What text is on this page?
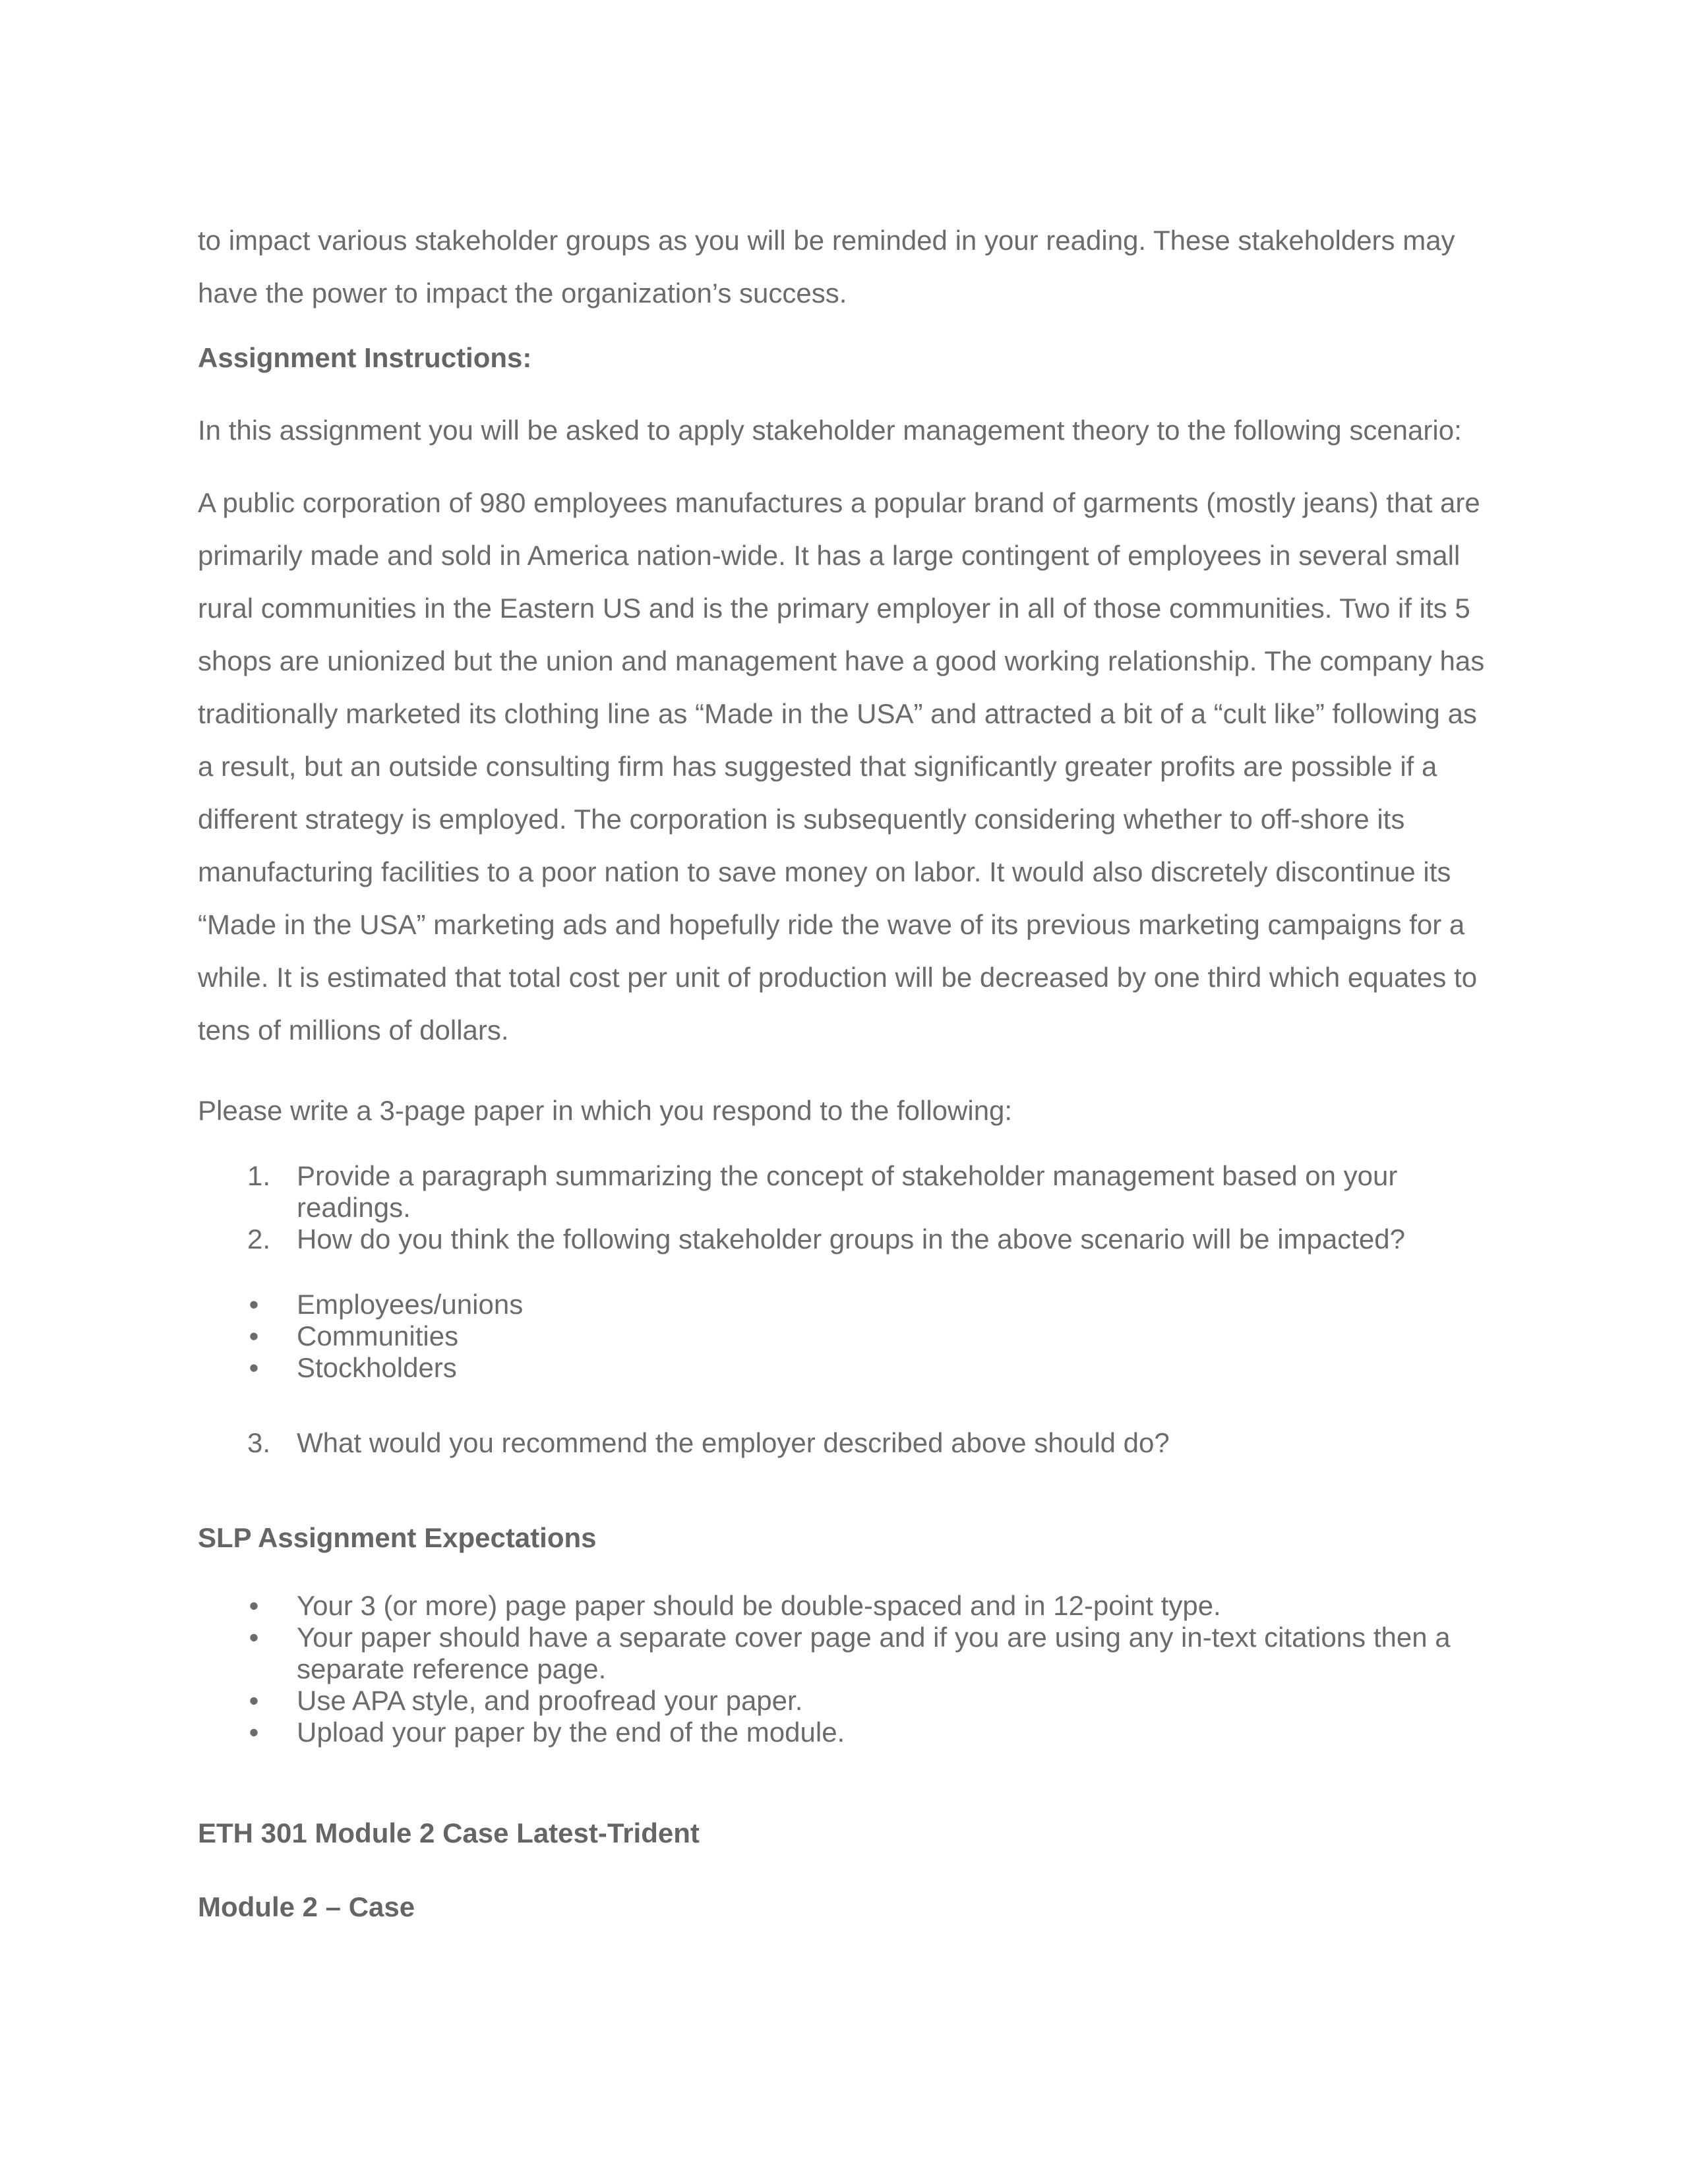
to impact various stakeholder groups as you will be reminded in your reading. These stakeholders may
have the power to impact the organization’s success.
Assignment Instructions:
In this assignment you will be asked to apply stakeholder management theory to the following scenario:
A public corporation of 980 employees manufactures a popular brand of garments (mostly jeans) that are
primarily made and sold in America nation-wide. It has a large contingent of employees in several small
rural communities in the Eastern US and is the primary employer in all of those communities. Two if its 5
shops are unionized but the union and management have a good working relationship. The company has
traditionally marketed its clothing line as “Made in the USA” and attracted a bit of a “cult like” following as
a result, but an outside consulting firm has suggested that significantly greater profits are possible if a
different strategy is employed. The corporation is subsequently considering whether to off-shore its
manufacturing facilities to a poor nation to save money on labor. It would also discretely discontinue its
“Made in the USA” marketing ads and hopefully ride the wave of its previous marketing campaigns for a
while. It is estimated that total cost per unit of production will be decreased by one third which equates to
tens of millions of dollars.
Please write a 3-page paper in which you respond to the following:
1. Provide a paragraph summarizing the concept of stakeholder management based on your
readings.
2. How do you think the following stakeholder groups in the above scenario will be impacted?
• Employees/unions
• Communities
• Stockholders
3. What would you recommend the employer described above should do?
SLP Assignment Expectations
• Your 3 (or more) page paper should be double-spaced and in 12-point type.
• Your paper should have a separate cover page and if you are using any in-text citations then a
separate reference page.
• Use APA style, and proofread your paper.
• Upload your paper by the end of the module.
ETH 301 Module 2 Case Latest-Trident
Module 2 – Case
